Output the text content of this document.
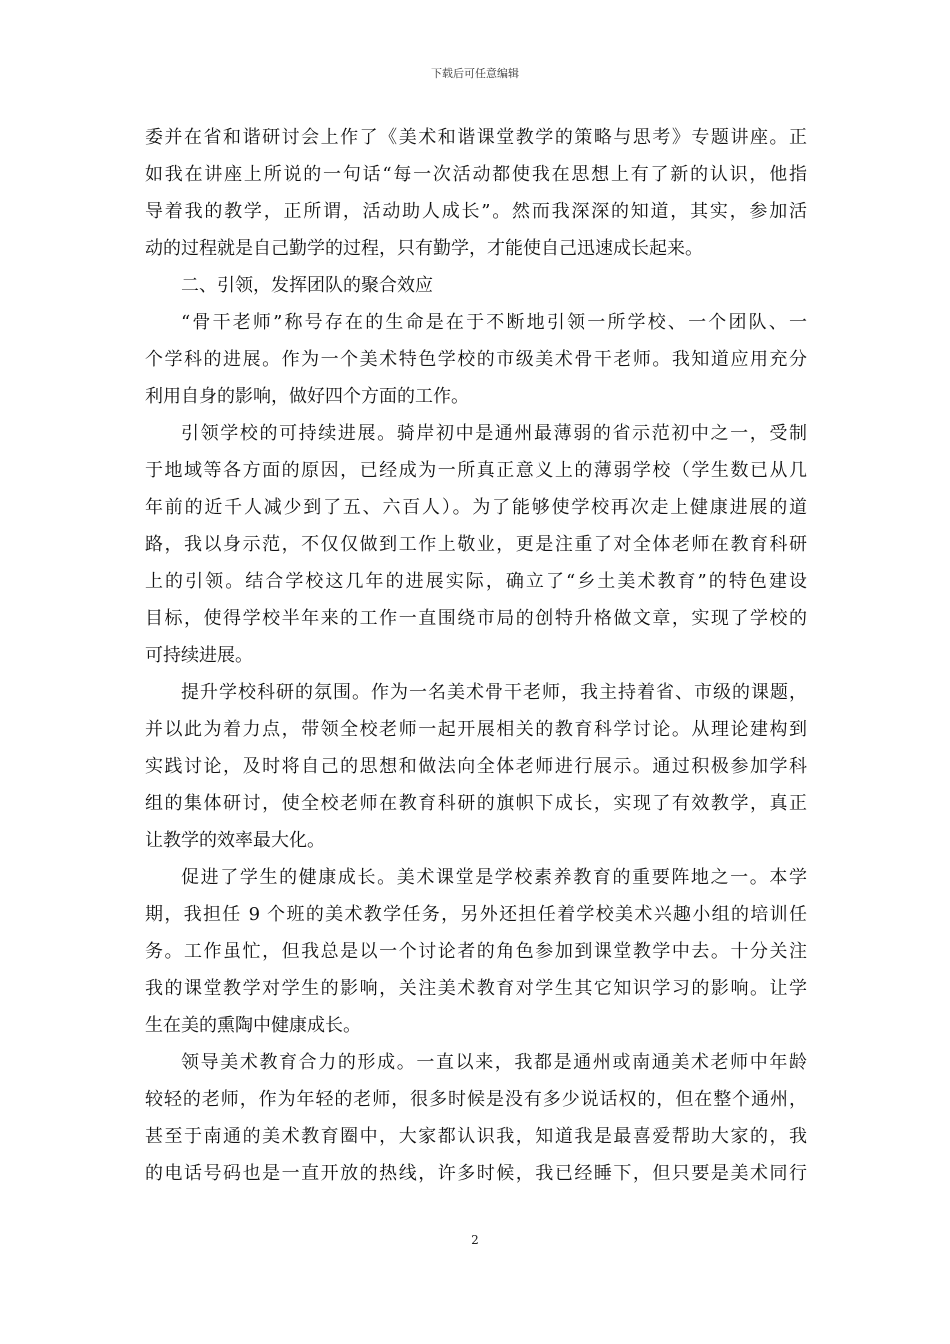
下载后可任意编辑
委并在省和谐研讨会上作了《美术和谐课堂教学的策略与思考》专题讲座。正
如我在讲座上所说的一句话“每一次活动都使我在思想上有了新的认识，他指
导着我的教学，正所谓，活动助人成长”。然而我深深的知道，其实，参加活
动的过程就是自己勤学的过程，只有勤学，才能使自己迅速成长起来。
二、引领，发挥团队的聚合效应
“骨干老师”称号存在的生命是在于不断地引领一所学校、一个团队、一
个学科的进展。作为一个美术特色学校的市级美术骨干老师。我知道应用充分
利用自身的影响，做好四个方面的工作。
引领学校的可持续进展。骑岸初中是通州最薄弱的省示范初中之一，受制
于地域等各方面的原因，已经成为一所真正意义上的薄弱学校（学生数已从几
年前的近千人减少到了五、六百人）。为了能够使学校再次走上健康进展的道
路，我以身示范，不仅仅做到工作上敬业，更是注重了对全体老师在教育科研
上的引领。结合学校这几年的进展实际，确立了“乡土美术教育”的特色建设
目标，使得学校半年来的工作一直围绕市局的创特升格做文章，实现了学校的
可持续进展。
提升学校科研的氛围。作为一名美术骨干老师，我主持着省、市级的课题，
并以此为着力点，带领全校老师一起开展相关的教育科学讨论。从理论建构到
实践讨论，及时将自己的思想和做法向全体老师进行展示。通过积极参加学科
组的集体研讨，使全校老师在教育科研的旗帜下成长，实现了有效教学，真正
让教学的效率最大化。
促进了学生的健康成长。美术课堂是学校素养教育的重要阵地之一。本学
期，我担任 9 个班的美术教学任务，另外还担任着学校美术兴趣小组的培训任
务。工作虽忙，但我总是以一个讨论者的角色参加到课堂教学中去。十分关注
我的课堂教学对学生的影响，关注美术教育对学生其它知识学习的影响。让学
生在美的熏陶中健康成长。
领导美术教育合力的形成。一直以来，我都是通州或南通美术老师中年龄
较轻的老师，作为年轻的老师，很多时候是没有多少说话权的，但在整个通州，
甚至于南通的美术教育圈中，大家都认识我，知道我是最喜爱帮助大家的，我
的电话号码也是一直开放的热线，许多时候，我已经睡下，但只要是美术同行
2
